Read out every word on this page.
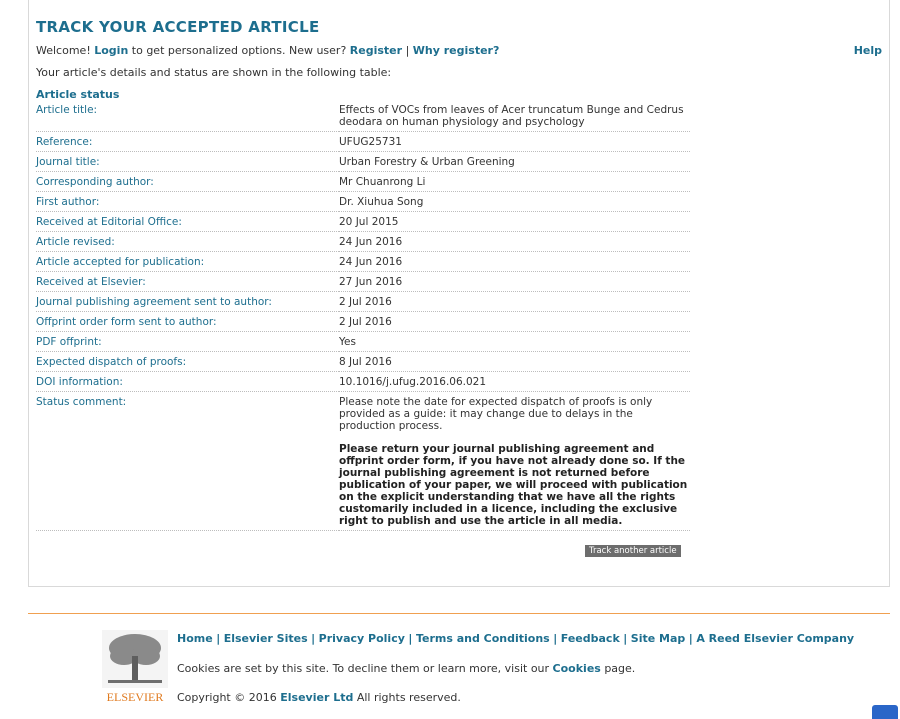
TRACK YOUR ACCEPTED ARTICLE
Welcome! Login to get personalized options. New user? Register | Why register?	Help
Your article's details and status are shown in the following table:
Article status
Article title:	Effects of VOCs from leaves of Acer truncatum Bunge and Cedrus deodara on human physiology and psychology
Reference:	UFUG25731
Journal title:	Urban Forestry & Urban Greening
Corresponding author:	Mr Chuanrong Li
First author:	Dr. Xiuhua Song
Received at Editorial Office:	20 Jul 2015
Article revised:	24 Jun 2016
Article accepted for publication:	24 Jun 2016
Received at Elsevier:	27 Jun 2016
Journal publishing agreement sent to author:	2 Jul 2016
Offprint order form sent to author:	2 Jul 2016
PDF offprint:	Yes
Expected dispatch of proofs:	8 Jul 2016
DOI information:	10.1016/j.ufug.2016.06.021
Status comment:	Please note the date for expected dispatch of proofs is only provided as a guide: it may change due to delays in the production process.
Please return your journal publishing agreement and offprint order form, if you have not already done so. If the journal publishing agreement is not returned before publication of your paper, we will proceed with publication on the explicit understanding that we have all the rights customarily included in a licence, including the exclusive right to publish and use the article in all media.
Track another article
ELSEVIER
Home | Elsevier Sites | Privacy Policy | Terms and Conditions | Feedback | Site Map | A Reed Elsevier Company
Cookies are set by this site. To decline them or learn more, visit our Cookies page.
Copyright © 2016 Elsevier Ltd All rights reserved.
